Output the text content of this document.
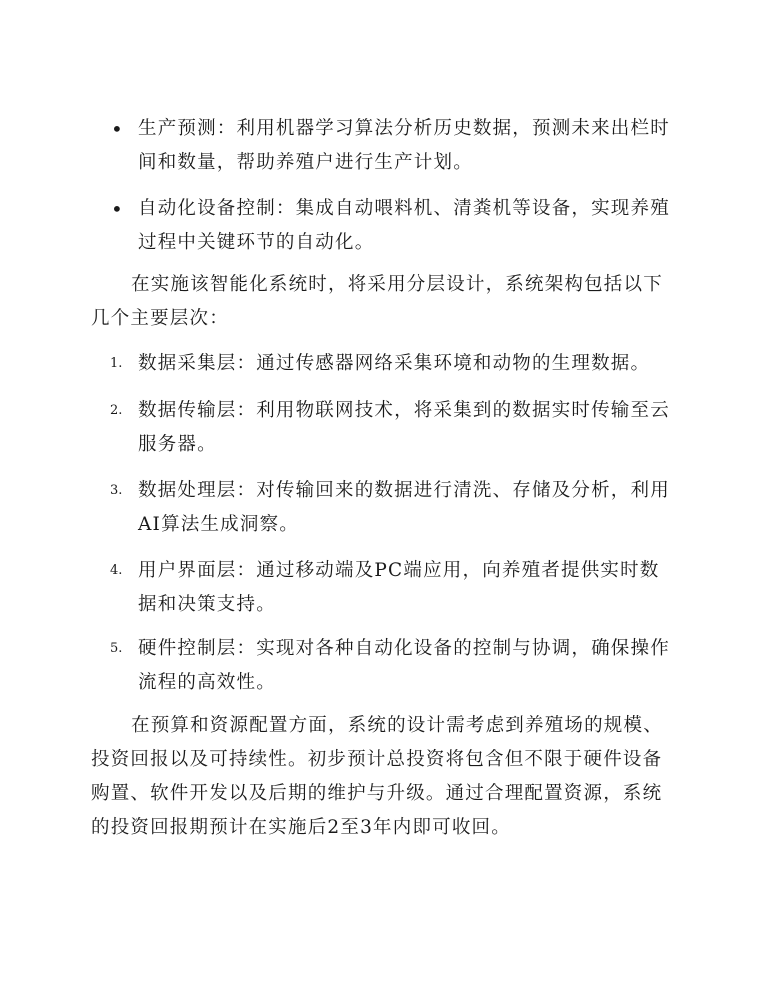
• 生产预测：利用机器学习算法分析历史数据，预测未来出栏时间和数量，帮助养殖户进行生产计划。
• 自动化设备控制：集成自动喂料机、清粪机等设备，实现养殖过程中关键环节的自动化。

在实施该智能化系统时，将采用分层设计，系统架构包括以下几个主要层次：

1. 数据采集层：通过传感器网络采集环境和动物的生理数据。
2. 数据传输层：利用物联网技术，将采集到的数据实时传输至云服务器。
3. 数据处理层：对传输回来的数据进行清洗、存储及分析，利用AI算法生成洞察。
4. 用户界面层：通过移动端及PC端应用，向养殖者提供实时数据和决策支持。
5. 硬件控制层：实现对各种自动化设备的控制与协调，确保操作流程的高效性。

在预算和资源配置方面，系统的设计需考虑到养殖场的规模、投资回报以及可持续性。初步预计总投资将包含但不限于硬件设备购置、软件开发以及后期的维护与升级。通过合理配置资源，系统的投资回报期预计在实施后2至3年内即可收回。
